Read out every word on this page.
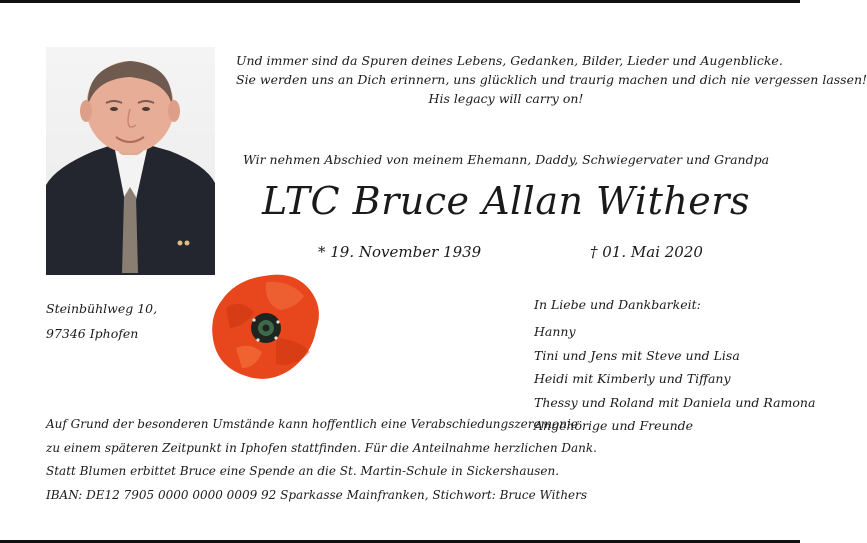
Und immer sind da Spuren deines Lebens, Gedanken, Bilder, Lieder und Augenblicke.
Sie werden uns an Dich erinnern, uns glücklich und traurig machen und dich nie vergessen lassen!
His legacy will carry on!
Wir nehmen Abschied von meinem Ehemann, Daddy, Schwiegervater und Grandpa
LTC Bruce Allan Withers
* 19. November 1939	† 01. Mai 2020
Steinbühlweg 10,
97346 Iphofen
In Liebe und Dankbarkeit:
Hanny
Tini und Jens mit Steve und Lisa
Heidi mit Kimberly und Tiffany
Thessy und Roland mit Daniela und Ramona
Angehörige und Freunde
Auf Grund der besonderen Umstände kann hoffentlich eine Verabschiedungszeremonie
zu einem späteren Zeitpunkt in Iphofen stattfinden. Für die Anteilnahme herzlichen Dank.
Statt Blumen erbittet Bruce eine Spende an die St. Martin-Schule in Sickershausen.
IBAN: DE12 7905 0000 0000 0009 92 Sparkasse Mainfranken, Stichwort: Bruce Withers
